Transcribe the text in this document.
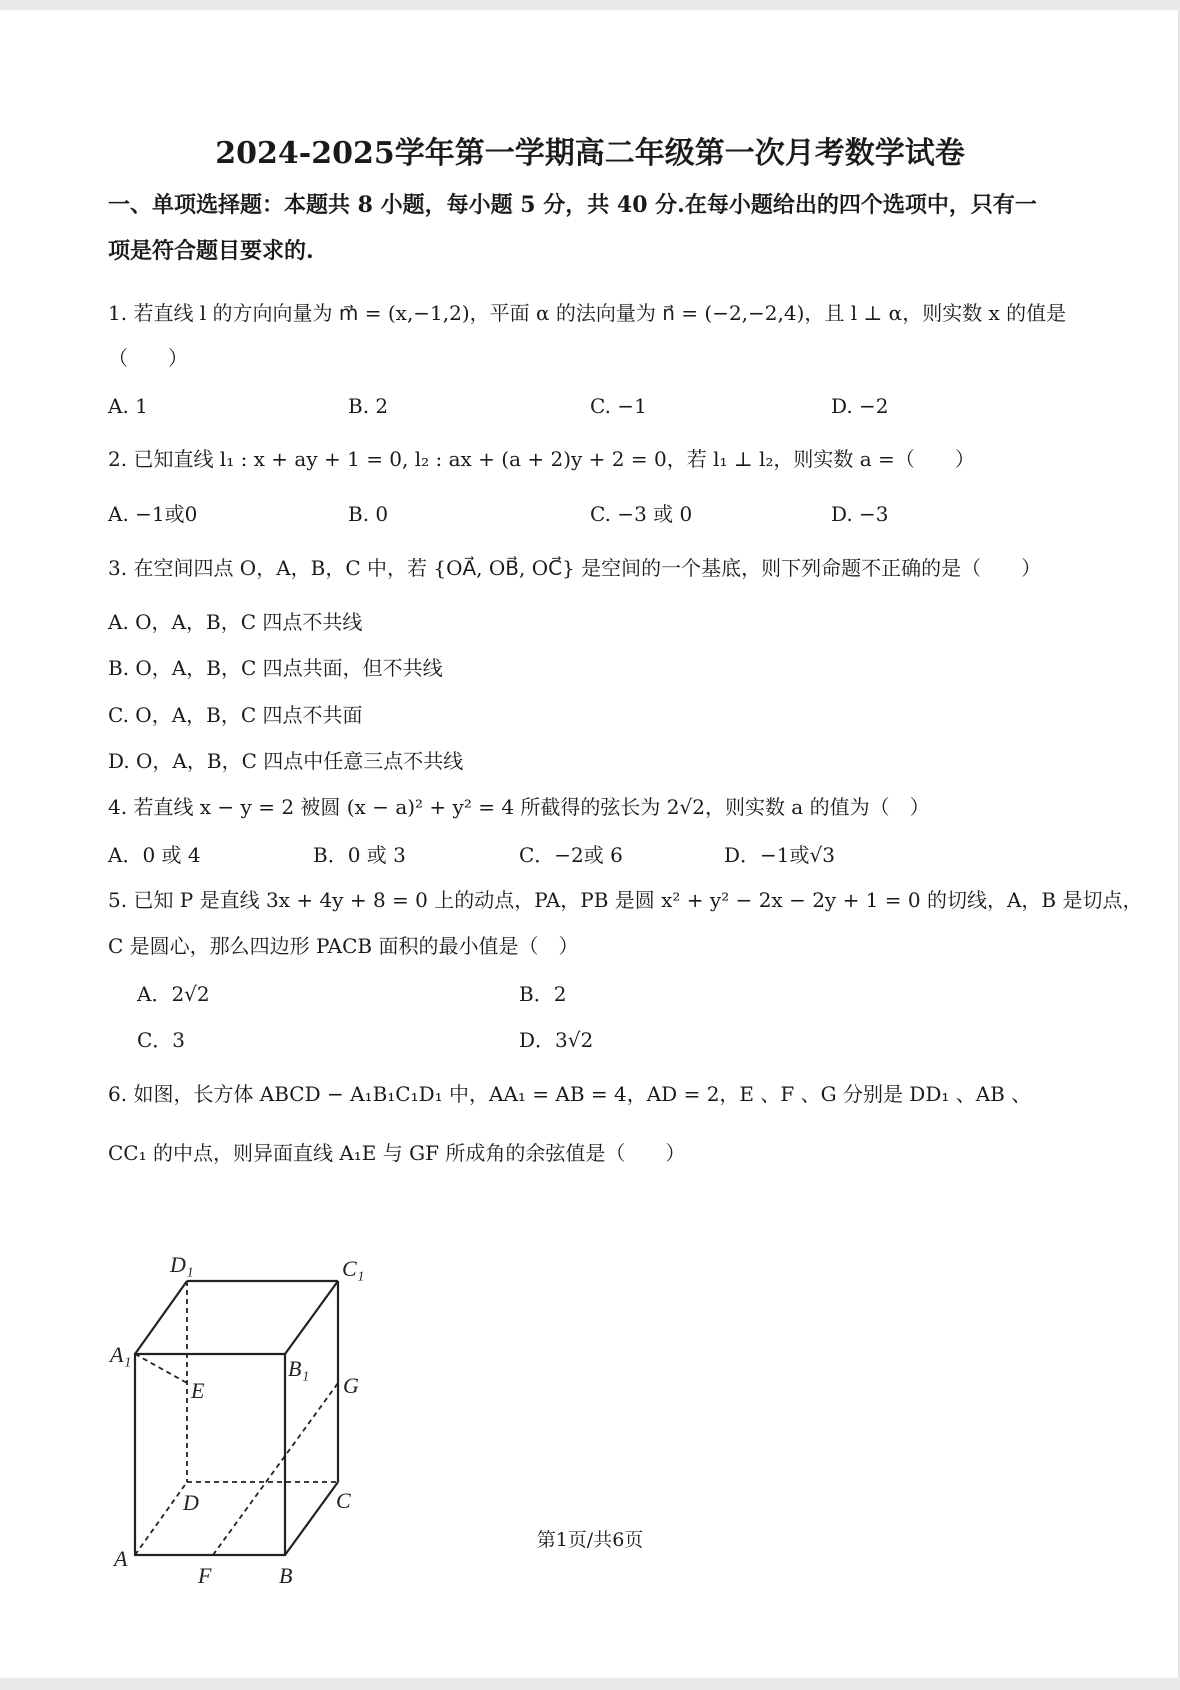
2024-2025学年第一学期高二年级第一次月考数学试卷
一、单项选择题：本题共 8 小题，每小题 5 分，共 40 分.在每小题给出的四个选项中，只有一
项是符合题目要求的.
1. 若直线 l 的方向向量为 m⃗ = (x,−1,2)，平面 α 的法向量为 n⃗ = (−2,−2,4)，且 l ⊥ α，则实数 x 的值是
（　　）
A. 1	B. 2	C. −1	D. −2
2. 已知直线 l₁ : x + ay + 1 = 0, l₂ : ax + (a + 2)y + 2 = 0，若 l₁ ⊥ l₂，则实数 a =（　　）
A. −1或0	B. 0	C. −3 或 0	D. −3
3. 在空间四点 O，A，B，C 中，若 {OA⃗, OB⃗, OC⃗} 是空间的一个基底，则下列命题不正确的是（　　）
A. O，A，B，C 四点不共线
B. O，A，B，C 四点共面，但不共线
C. O，A，B，C 四点不共面
D. O，A，B，C 四点中任意三点不共线
4. 若直线 x − y = 2 被圆 (x − a)² + y² = 4 所截得的弦长为 2√2，则实数 a 的值为（　）
A．0 或 4	B．0 或 3	C．−2或 6	D．−1或√3
5. 已知 P 是直线 3x + 4y + 8 = 0 上的动点，PA，PB 是圆 x² + y² − 2x − 2y + 1 = 0 的切线，A，B 是切点，
C 是圆心，那么四边形 PACB 面积的最小值是（　）
A．2√2	B．2
C．3	D．3√2
6. 如图，长方体 ABCD − A₁B₁C₁D₁ 中，AA₁ = AB = 4，AD = 2，E 、F 、G 分别是 DD₁ 、AB 、
CC₁ 的中点，则异面直线 A₁E 与 GF 所成角的余弦值是（　　）
D₁	C₁
A₁
B₁
E	G
D	C
A
F	B
第1页/共6页
